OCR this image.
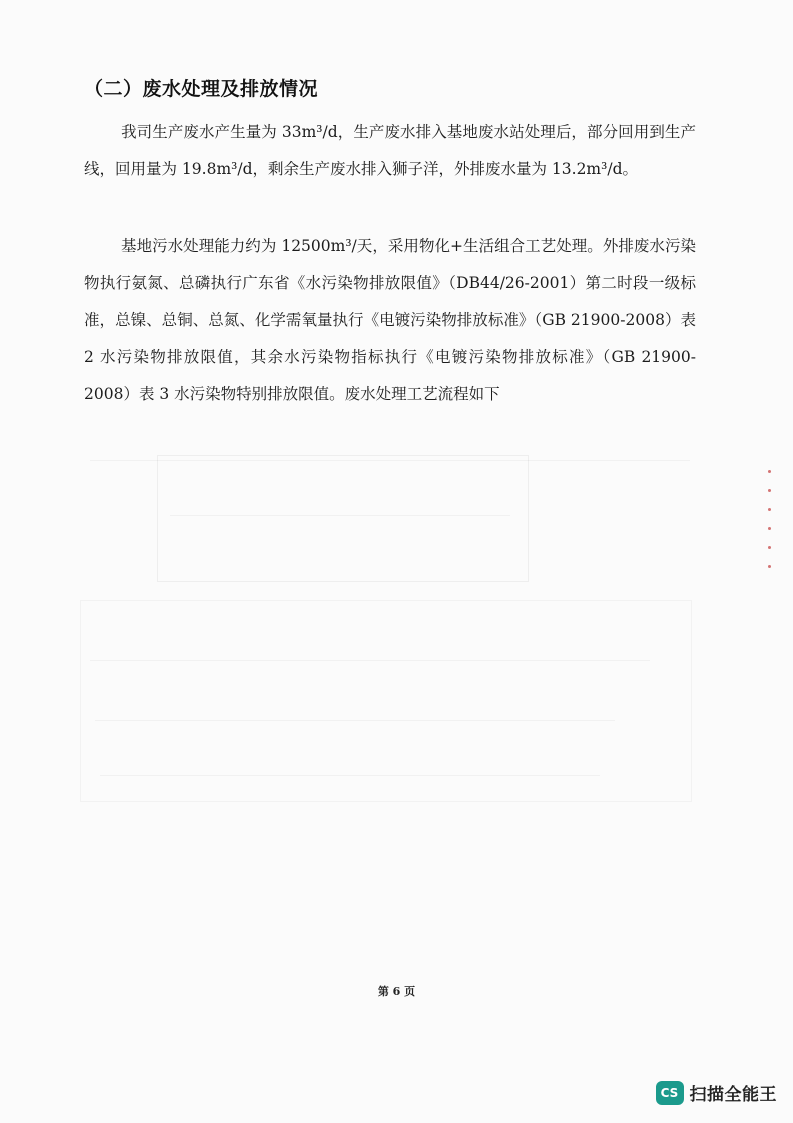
（二）废水处理及排放情况
我司生产废水产生量为 33m³/d，生产废水排入基地废水站处理后，部分回用到生产线，回用量为 19.8m³/d，剩余生产废水排入狮子洋，外排废水量为 13.2m³/d。
基地污水处理能力约为 12500m³/天，采用物化+生活组合工艺处理。外排废水污染物执行氨氮、总磷执行广东省《水污染物排放限值》（DB44/26-2001）第二时段一级标准，总镍、总铜、总氮、化学需氧量执行《电镀污染物排放标准》（GB 21900-2008）表 2 水污染物排放限值，其余水污染物指标执行《电镀污染物排放标准》（GB 21900-2008）表 3 水污染物特别排放限值。废水处理工艺流程如下
第 6 页
CS 扫描全能王
